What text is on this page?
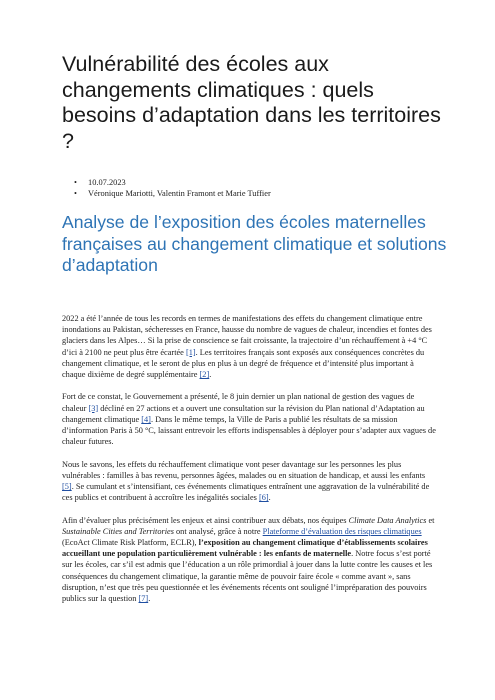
Vulnérabilité des écoles aux changements climatiques : quels besoins d’adaptation dans les territoires ?
• 10.07.2023
• Véronique Mariotti, Valentin Framont et Marie Tuffier
Analyse de l’exposition des écoles maternelles françaises au changement climatique et solutions d’adaptation

2022 a été l’année de tous les records en termes de manifestations des effets du changement climatique entre inondations au Pakistan, sécheresses en France, hausse du nombre de vagues de chaleur, incendies et fontes des glaciers dans les Alpes… Si la prise de conscience se fait croissante, la trajectoire d’un réchauffement à +4 °C d’ici à 2100 ne peut plus être écartée [1]. Les territoires français sont exposés aux conséquences concrètes du changement climatique, et le seront de plus en plus à un degré de fréquence et d’intensité plus important à chaque dixième de degré supplémentaire [2].

Fort de ce constat, le Gouvernement a présenté, le 8 juin dernier un plan national de gestion des vagues de chaleur [3] décliné en 27 actions et a ouvert une consultation sur la révision du Plan national d’Adaptation au changement climatique [4]. Dans le même temps, la Ville de Paris a publié les résultats de sa mission d’information Paris à 50 °C, laissant entrevoir les efforts indispensables à déployer pour s’adapter aux vagues de chaleur futures.

Nous le savons, les effets du réchauffement climatique vont peser davantage sur les personnes les plus vulnérables : familles à bas revenu, personnes âgées, malades ou en situation de handicap, et aussi les enfants [5]. Se cumulant et s’intensifiant, ces événements climatiques entraînent une aggravation de la vulnérabilité de ces publics et contribuent à accroître les inégalités sociales [6].

Afin d’évaluer plus précisément les enjeux et ainsi contribuer aux débats, nos équipes Climate Data Analytics et Sustainable Cities and Territories ont analysé, grâce à notre Plateforme d’évaluation des risques climatiques (EcoAct Climate Risk Platform, ECLR), l’exposition au changement climatique d’établissements scolaires accueillant une population particulièrement vulnérable : les enfants de maternelle. Notre focus s’est porté sur les écoles, car s’il est admis que l’éducation a un rôle primordial à jouer dans la lutte contre les causes et les conséquences du changement climatique, la garantie même de pouvoir faire école « comme avant », sans disruption, n’est que très peu questionnée et les événements récents ont souligné l’impréparation des pouvoirs publics sur la question [7].
